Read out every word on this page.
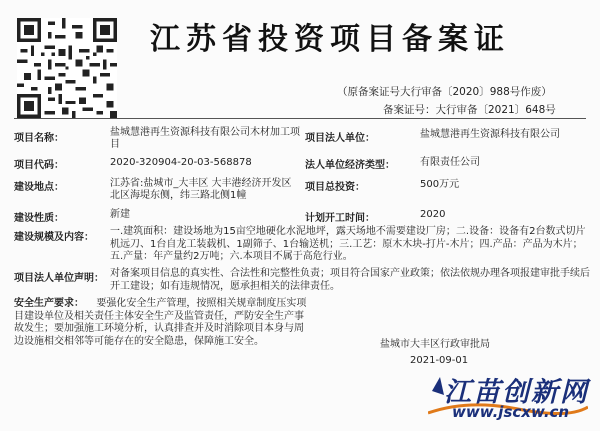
江苏省投资项目备案证
（原备案证号大行审备〔2020〕988号作废）
备案证号：大行审备〔2021〕648号
项目名称：
盐城慧港再生资源科技有限公司木材加工项目
项目法人单位：	盐城慧港再生资源科技有限公司
项目代码：	2020-320904-20-03-568878	法人单位经济类型：	有限责任公司
建设地点：	江苏省:盐城市_大丰区 大丰港经济开发区北区海堤东侧，纬三路北侧1幢
项目总投资：	500万元
建设性质：	新建	计划开工时间：	2020
建设规模及内容：
一.建筑面积：建设场地为15亩空地硬化水泥地坪，露天场地不需要建设厂房；二.设备：设备有2台数式切片机远刀、1台自龙工装载机、1副筛子、1台输送机；三.工艺：原木木块-打片-木片；四.产品：产品为木片；五.产量：年产量约2万吨；六.本项目不属于高危行业。
项目法人单位声明： 对备案项目信息的真实性、合法性和完整性负责；项目符合国家产业政策；依法依规办理各项报建审批手续后开工建设；如有违规情况，愿承担相关的法律责任。
安全生产要求： 要强化安全生产管理，按照相关规章制度压实项目建设单位及相关责任主体安全生产及监管责任，严防安全生产事故发生；要加强施工环境分析，认真排查并及时消除项目本身与周边设施相交相邻等可能存在的安全隐患，保障施工安全。	盐城市大丰区行政审批局
2021-09-01
江苗创新网
www.jscxw.cn
